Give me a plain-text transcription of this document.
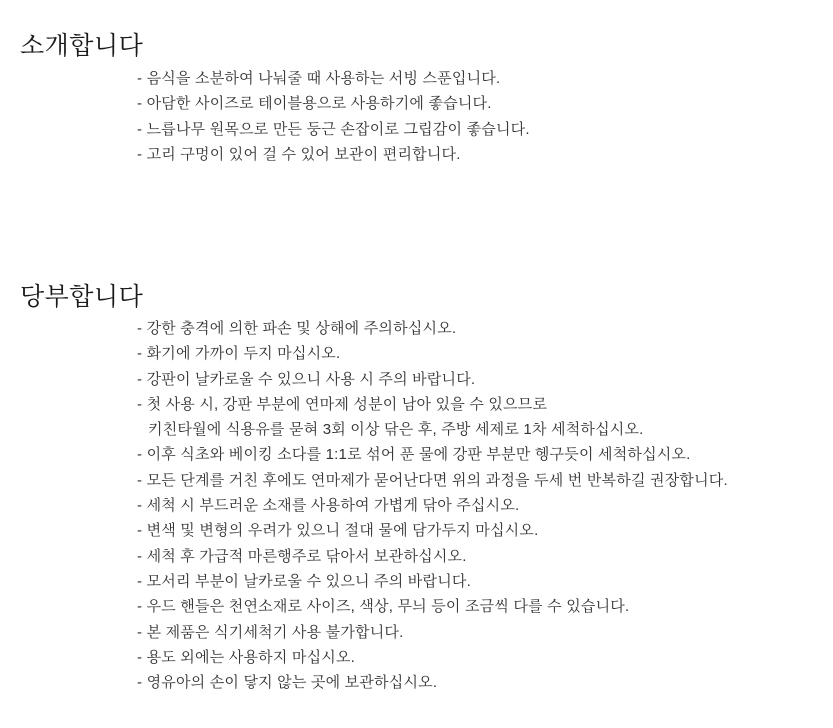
소개합니다
- 음식을 소분하여 나눠줄 때 사용하는 서빙 스푼입니다.
- 아담한 사이즈로 테이블용으로 사용하기에 좋습니다.
- 느릅나무 원목으로 만든 둥근 손잡이로 그립감이 좋습니다.
- 고리 구멍이 있어 걸 수 있어 보관이 편리합니다.
당부합니다
- 강한 충격에 의한 파손 및 상해에 주의하십시오.
- 화기에 가까이 두지 마십시오.
- 강판이 날카로울 수 있으니 사용 시 주의 바랍니다.
- 첫 사용 시, 강판 부분에 연마제 성분이 남아 있을 수 있으므로
키친타월에 식용유를 묻혀 3회 이상 닦은 후, 주방 세제로 1차 세척하십시오.
- 이후 식초와 베이킹 소다를 1:1로 섞어 푼 물에 강판 부분만 헹구듯이 세척하십시오.
- 모든 단계를 거친 후에도 연마제가 묻어난다면 위의 과정을 두세 번 반복하길 권장합니다.
- 세척 시 부드러운 소재를 사용하여 가볍게 닦아 주십시오.
- 변색 및 변형의 우려가 있으니 절대 물에 담가두지 마십시오.
- 세척 후 가급적 마른행주로 닦아서 보관하십시오.
- 모서리 부분이 날카로울 수 있으니 주의 바랍니다.
- 우드 핸들은 천연소재로 사이즈, 색상, 무늬 등이 조금씩 다를 수 있습니다.
- 본 제품은 식기세척기 사용 불가합니다.
- 용도 외에는 사용하지 마십시오.
- 영유아의 손이 닿지 않는 곳에 보관하십시오.
